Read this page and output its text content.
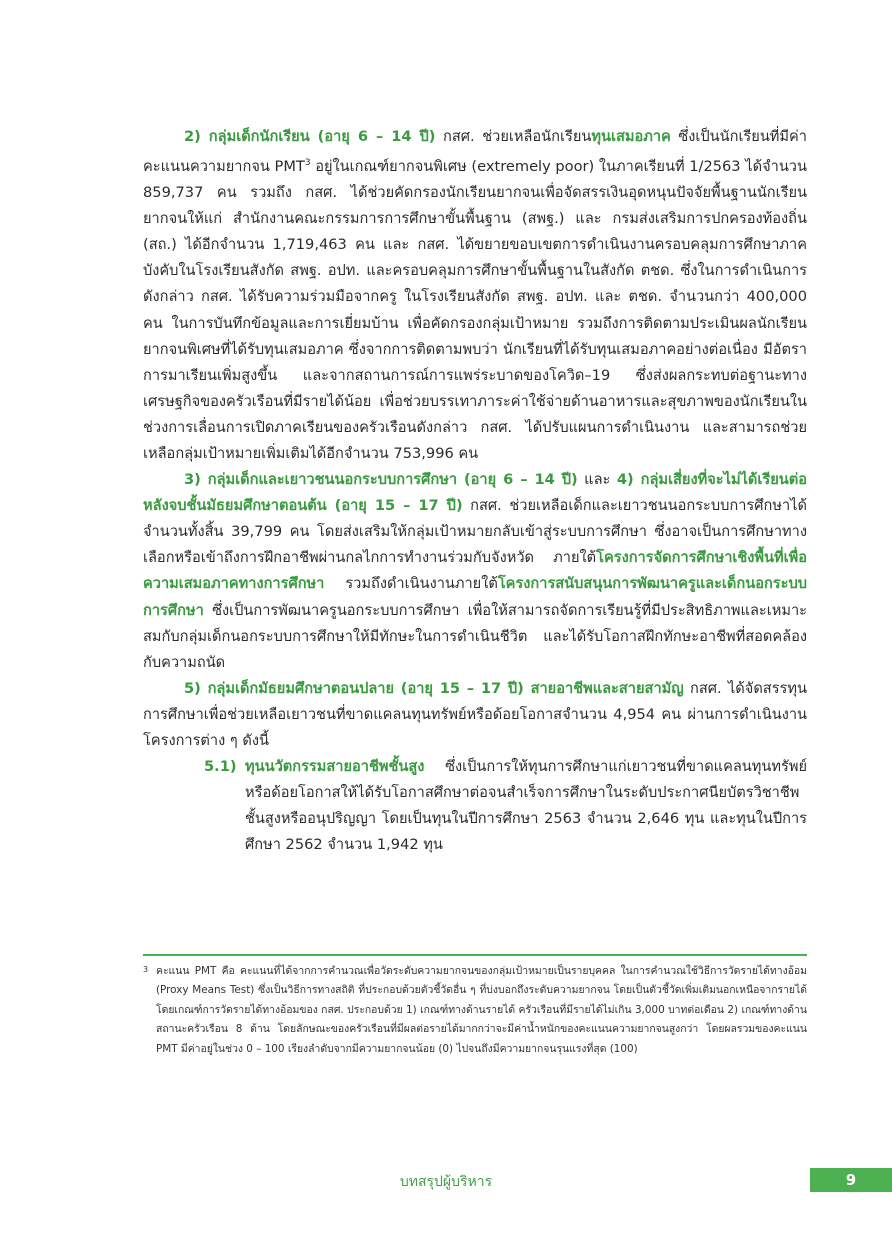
2) กลุ่มเด็กนักเรียน (อายุ 6 – 14 ปี) กสศ. ช่วยเหลือนักเรียนทุนเสมอภาค ซึ่งเป็นนักเรียนที่มีค่าคะแนนความยากจน PMT$^3$ อยู่ในเกณฑ์ยากจนพิเศษ (extremely poor) ในภาคเรียนที่ 1/2563 ได้จำนวน 859,737 คน รวมถึง กสศ. ได้ช่วยคัดกรองนักเรียนยากจนเพื่อจัดสรรเงินอุดหนุนปัจจัยพื้นฐานนักเรียนยากจนให้แก่ สำนักงานคณะกรรมการการศึกษาขั้นพื้นฐาน (สพฐ.) และ กรมส่งเสริมการปกครองท้องถิ่น (สถ.) ได้อีกจำนวน 1,719,463 คน และ กสศ. ได้ขยายขอบเขตการดำเนินงานครอบคลุมการศึกษาภาคบังคับในโรงเรียนสังกัด สพฐ. อปท. และครอบคลุมการศึกษาขั้นพื้นฐานในสังกัด ตชด. ซึ่งในการดำเนินการดังกล่าว กสศ. ได้รับความร่วมมือจากครู ในโรงเรียนสังกัด สพฐ. อปท. และ ตชด. จำนวนกว่า 400,000 คน ในการบันทึกข้อมูลและการเยี่ยมบ้าน เพื่อคัดกรองกลุ่มเป้าหมาย รวมถึงการติดตามประเมินผลนักเรียนยากจนพิเศษที่ได้รับทุนเสมอภาค ซึ่งจากการติดตามพบว่า นักเรียนที่ได้รับทุนเสมอภาคอย่างต่อเนื่อง มีอัตราการมาเรียนเพิ่มสูงขึ้น และจากสถานการณ์การแพร่ระบาดของโควิด–19 ซึ่งส่งผลกระทบต่อฐานะทางเศรษฐกิจของครัวเรือนที่มีรายได้น้อย เพื่อช่วยบรรเทาภาระค่าใช้จ่ายด้านอาหารและสุขภาพของนักเรียนในช่วงการเลื่อนการเปิดภาคเรียนของครัวเรือนดังกล่าว กสศ. ได้ปรับแผนการดำเนินงาน และสามารถช่วยเหลือกลุ่มเป้าหมายเพิ่มเติมได้อีกจำนวน 753,996 คน

3) กลุ่มเด็กและเยาวชนนอกระบบการศึกษา (อายุ 6 – 14 ปี) และ 4) กลุ่มเสี่ยงที่จะไม่ได้เรียนต่อหลังจบชั้นมัธยมศึกษาตอนต้น (อายุ 15 – 17 ปี) กสศ. ช่วยเหลือเด็กและเยาวชนนอกระบบการศึกษาได้จำนวนทั้งสิ้น 39,799 คน โดยส่งเสริมให้กลุ่มเป้าหมายกลับเข้าสู่ระบบการศึกษา ซึ่งอาจเป็นการศึกษาทางเลือกหรือเข้าถึงการฝึกอาชีพผ่านกลไกการทำงานร่วมกับจังหวัด ภายใต้โครงการจัดการศึกษาเชิงพื้นที่เพื่อความเสมอภาคทางการศึกษา รวมถึงดำเนินงานภายใต้โครงการสนับสนุนการพัฒนาครูและเด็กนอกระบบการศึกษา ซึ่งเป็นการพัฒนาครูนอกระบบการศึกษา เพื่อให้สามารถจัดการเรียนรู้ที่มีประสิทธิภาพและเหมาะสมกับกลุ่มเด็กนอกระบบการศึกษาให้มีทักษะในการดำเนินชีวิต และได้รับโอกาสฝึกทักษะอาชีพที่สอดคล้องกับความถนัด

5) กลุ่มเด็กมัธยมศึกษาตอนปลาย (อายุ 15 – 17 ปี) สายอาชีพและสายสามัญ กสศ. ได้จัดสรรทุนการศึกษาเพื่อช่วยเหลือเยาวชนที่ขาดแคลนทุนทรัพย์หรือด้อยโอกาสจำนวน 4,954 คน ผ่านการดำเนินงานโครงการต่าง ๆ ดังนี้

5.1) ทุนนวัตกรรมสายอาชีพชั้นสูง ซึ่งเป็นการให้ทุนการศึกษาแก่เยาวชนที่ขาดแคลนทุนทรัพย์หรือด้อยโอกาสให้ได้รับโอกาสศึกษาต่อจนสำเร็จการศึกษาในระดับประกาศนียบัตรวิชาชีพชั้นสูงหรืออนุปริญญา โดยเป็นทุนในปีการศึกษา 2563 จำนวน 2,646 ทุน และทุนในปีการศึกษา 2562 จำนวน 1,942 ทุน
3 คะแนน PMT คือ คะแนนที่ได้จากการคำนวณเพื่อวัดระดับความยากจนของกลุ่มเป้าหมายเป็นรายบุคคล ในการคำนวณใช้วิธีการวัดรายได้ทางอ้อม (Proxy Means Test) ซึ่งเป็นวิธีการทางสถิติ ที่ประกอบด้วยตัวชี้วัดอื่น ๆ ที่บ่งบอกถึงระดับความยากจน โดยเป็นตัวชี้วัดเพิ่มเติมนอกเหนือจากรายได้ โดยเกณฑ์การวัดรายได้ทางอ้อมของ กสศ. ประกอบด้วย 1) เกณฑ์ทางด้านรายได้ ครัวเรือนที่มีรายได้ไม่เกิน 3,000 บาทต่อเดือน 2) เกณฑ์ทางด้านสถานะครัวเรือน 8 ด้าน โดยลักษณะของครัวเรือนที่มีผลต่อรายได้มากกว่าจะมีค่าน้ำหนักของคะแนนความยากจนสูงกว่า โดยผลรวมของคะแนน PMT มีค่าอยู่ในช่วง 0 – 100 เรียงลำดับจากมีความยากจนน้อย (0) ไปจนถึงมีความยากจนรุนแรงที่สุด (100)
บทสรุปผู้บริหาร	9
